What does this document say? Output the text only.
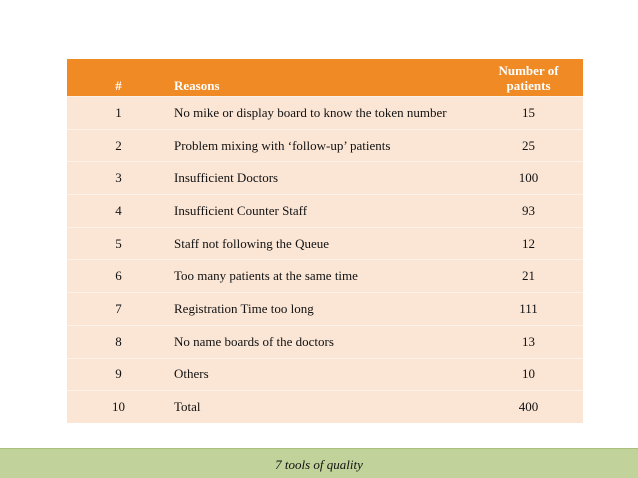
#	Reasons	Number of patients
1	No mike or display board to know the token number	15
2	Problem mixing with ‘follow-up’ patients	25
3	Insufficient Doctors	100
4	Insufficient Counter Staff	93
5	Staff not following the Queue	12
6	Too many patients at the same time	21
7	Registration Time too long	111
8	No name boards of the doctors	13
9	Others	10
10	Total	400
7 tools of quality
